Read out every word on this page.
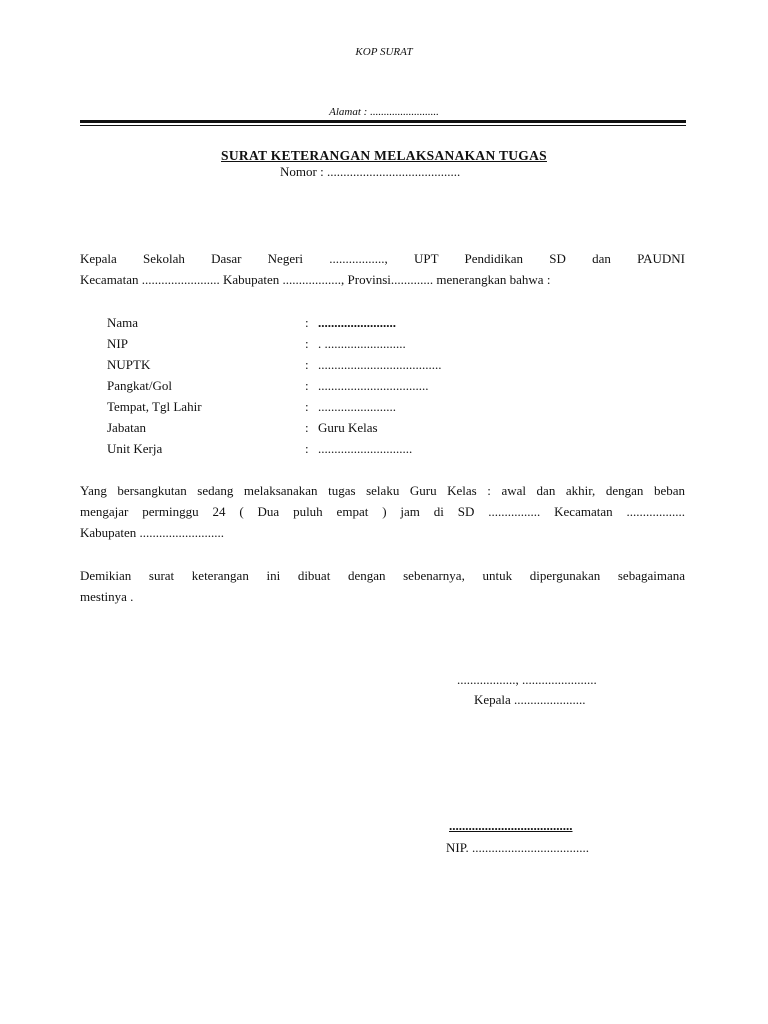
KOP SURAT
Alamat : .........................
SURAT KETERANGAN MELAKSANAKAN TUGAS
Nomor : .........................................
Kepala Sekolah Dasar Negeri ................., UPT Pendidikan SD dan PAUDNI
Kecamatan ........................ Kabupaten .................., Provinsi............. menerangkan bahwa :
Nama	: ........................
NIP	: . .........................
NUPTK	: ......................................
Pangkat/Gol	: ..................................
Tempat, Tgl Lahir	: ........................
Jabatan	: Guru Kelas
Unit Kerja	: .............................
Yang bersangkutan sedang melaksanakan tugas selaku Guru Kelas : awal dan akhir, dengan beban
mengajar perminggu 24 ( Dua puluh empat ) jam di SD ................ Kecamatan ..................
Kabupaten ..........................
Demikian surat keterangan ini dibuat dengan sebenarnya, untuk dipergunakan sebagaimana
mestinya .
.................., .......................
Kepala ......................
......................................
NIP. ....................................
